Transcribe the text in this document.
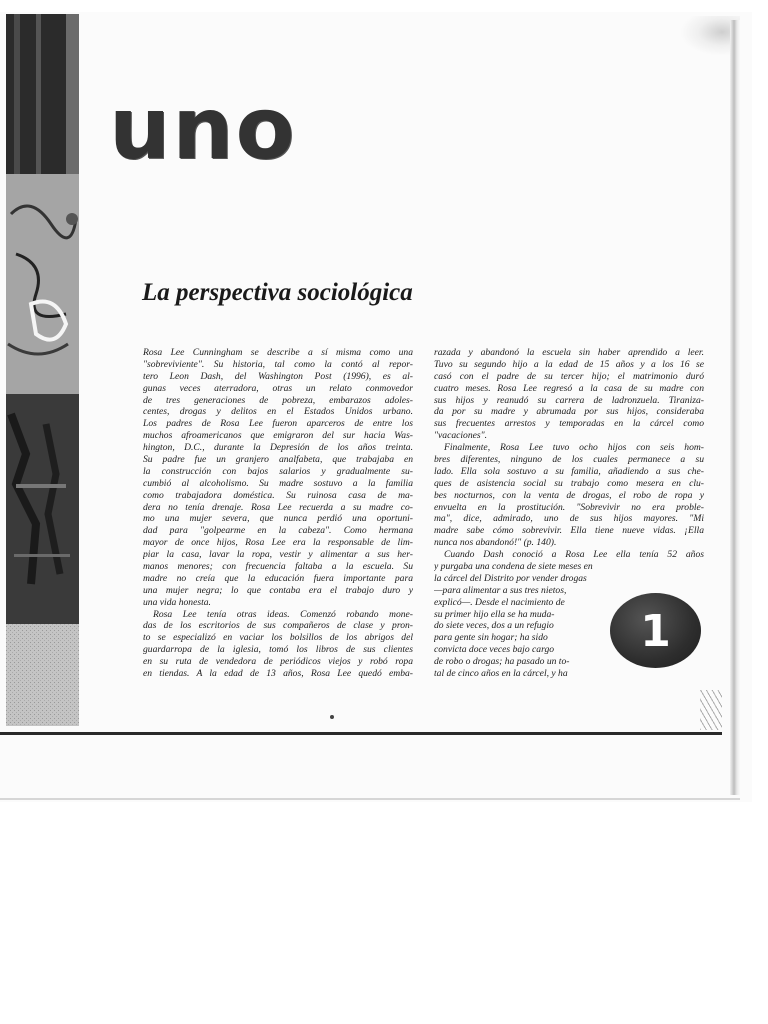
uno
La perspectiva sociológica
Rosa Lee Cunningham se describe a sí misma como una
"sobreviviente". Su historia, tal como la contó al repor-
tero Leon Dash, del Washington Post (1996), es al-
gunas veces aterradora, otras un relato conmovedor
de tres generaciones de pobreza, embarazos adoles-
centes, drogas y delitos en el Estados Unidos urbano.
Los padres de Rosa Lee fueron aparceros de entre los
muchos afroamericanos que emigraron del sur hacia Was-
hington, D.C., durante la Depresión de los años treinta.
Su padre fue un granjero analfabeta, que trabajaba en
la construcción con bajos salarios y gradualmente su-
cumbió al alcoholismo. Su madre sostuvo a la familia
como trabajadora doméstica. Su ruinosa casa de ma-
dera no tenía drenaje. Rosa Lee recuerda a su madre co-
mo una mujer severa, que nunca perdió una oportuni-
dad para "golpearme en la cabeza". Como hermana
mayor de once hijos, Rosa Lee era la responsable de lim-
piar la casa, lavar la ropa, vestir y alimentar a sus her-
manos menores; con frecuencia faltaba a la escuela. Su
madre no creía que la educación fuera importante para
una mujer negra; lo que contaba era el trabajo duro y
una vida honesta.
Rosa Lee tenía otras ideas. Comenzó robando mone-
das de los escritorios de sus compañeros de clase y pron-
to se especializó en vaciar los bolsillos de los abrigos del
guardarropa de la iglesia, tomó los libros de sus clientes
en su ruta de vendedora de periódicos viejos y robó ropa
en tiendas. A la edad de 13 años, Rosa Lee quedó emba-
razada y abandonó la escuela sin haber aprendido a leer.
Tuvo su segundo hijo a la edad de 15 años y a los 16 se
casó con el padre de su tercer hijo; el matrimonio duró
cuatro meses. Rosa Lee regresó a la casa de su madre con
sus hijos y reanudó su carrera de ladronzuela. Tiraniza-
da por su madre y abrumada por sus hijos, consideraba
sus frecuentes arrestos y temporadas en la cárcel como
"vacaciones".
Finalmente, Rosa Lee tuvo ocho hijos con seis hom-
bres diferentes, ninguno de los cuales permanece a su
lado. Ella sola sostuvo a su familia, añadiendo a sus che-
ques de asistencia social su trabajo como mesera en clu-
bes nocturnos, con la venta de drogas, el robo de ropa y
envuelta en la prostitución. "Sobrevivir no era proble-
ma", dice, admirado, uno de sus hijos mayores. "Mi
madre sabe cómo sobrevivir. Ella tiene nueve vidas. ¡Ella
nunca nos abandonó!" (p. 140).
Cuando Dash conoció a Rosa Lee ella tenía 52 años
y purgaba una condena de siete meses en
la cárcel del Distrito por vender drogas
—para alimentar a sus tres nietos,
explicó—. Desde el nacimiento de
su primer hijo ella se ha muda-
do siete veces, dos a un refugio
para gente sin hogar; ha sido
convicta doce veces bajo cargo
de robo o drogas; ha pasado un to-
tal de cinco años en la cárcel, y ha
1
